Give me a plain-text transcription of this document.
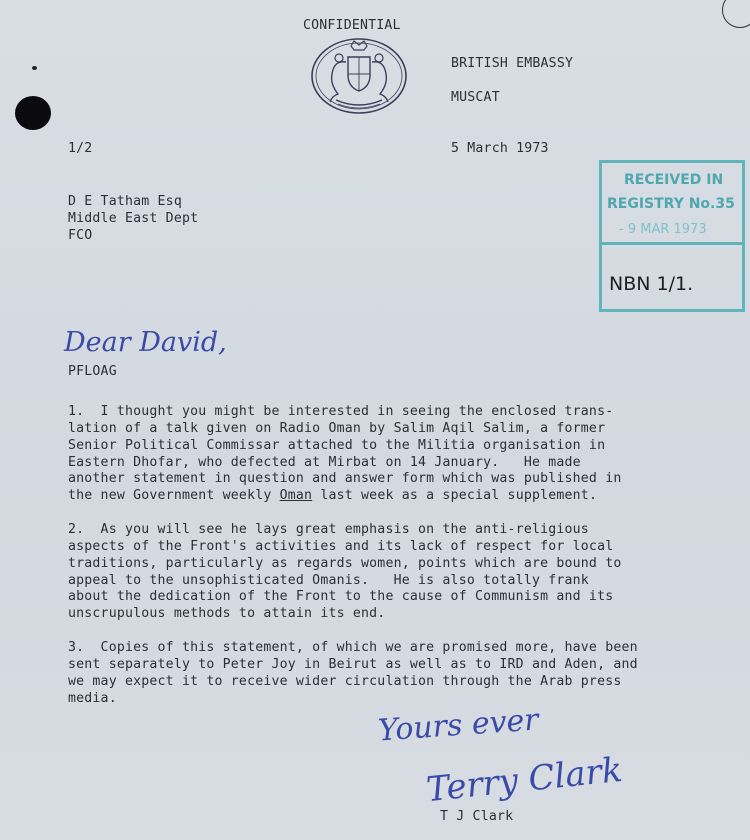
CONFIDENTIAL
BRITISH EMBASSY
MUSCAT
1/2	5 March 1973
D E Tatham Esq
Middle East Dept
FCO
RECEIVED IN
REGISTRY No.35
- 9 MAR 1973
NBN 1/1.
Dear David,
PFLOAG
1.  I thought you might be interested in seeing the enclosed trans-
lation of a talk given on Radio Oman by Salim Aqil Salim, a former
Senior Political Commissar attached to the Militia organisation in
Eastern Dhofar, who defected at Mirbat on 14 January.   He made
another statement in question and answer form which was published in
the new Government weekly Oman last week as a special supplement.
2.  As you will see he lays great emphasis on the anti-religious
aspects of the Front's activities and its lack of respect for local
traditions, particularly as regards women, points which are bound to
appeal to the unsophisticated Omanis.   He is also totally frank
about the dedication of the Front to the cause of Communism and its
unscrupulous methods to attain its end.
3.  Copies of this statement, of which we are promised more, have been
sent separately to Peter Joy in Beirut as well as to IRD and Aden, and
we may expect it to receive wider circulation through the Arab press
media.
Yours ever
Terry Clark
T J Clark
